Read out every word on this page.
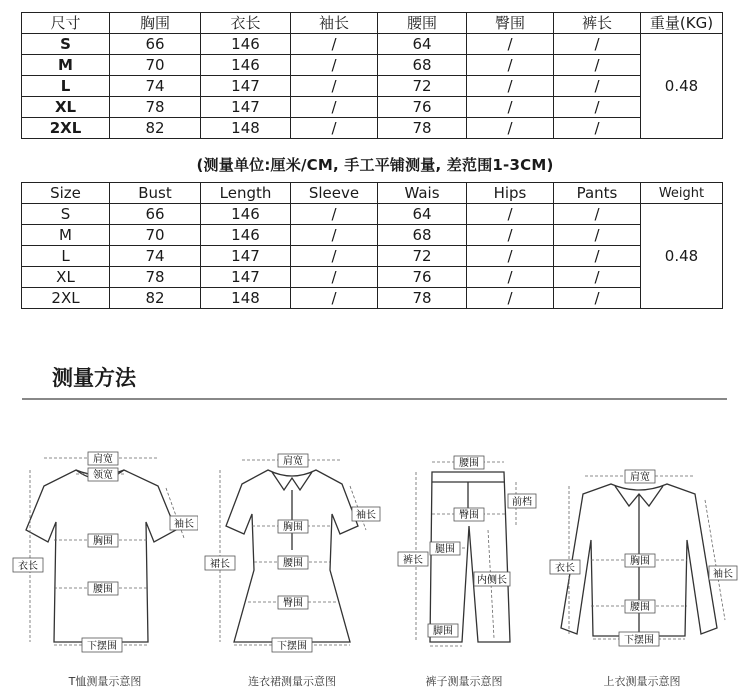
尺寸	胸围	衣长	袖长	腰围	臀围	裤长	重量(KG)
S	66	146	/	64	/	/	0.48
M	70	146	/	68	/	/	
L	74	147	/	72	/	/	
XL	78	147	/	76	/	/	
2XL	82	148	/	78	/	/	
(测量单位:厘米/CM, 手工平铺测量, 差范围1-3CM)
Size	Bust	Length	Sleeve	Wais	Hips	Pants	Weight
S	66	146	/	64	/	/	0.48
M	70	146	/	68	/	/	
L	74	147	/	72	/	/	
XL	78	147	/	76	/	/	
2XL	82	148	/	78	/	/	
测量方法
肩宽
领宽
袖长
胸围
衣长
腰围
下摆围
T恤测量示意图
肩宽
袖长
胸围
裙长	腰围
臀围
下摆围
连衣裙测量示意图
腰围
前档
臀围
腿围
裤长
内侧长
脚围
裤子测量示意图
肩宽
衣长
胸围
袖长
腰围
下摆围
上衣测量示意图
